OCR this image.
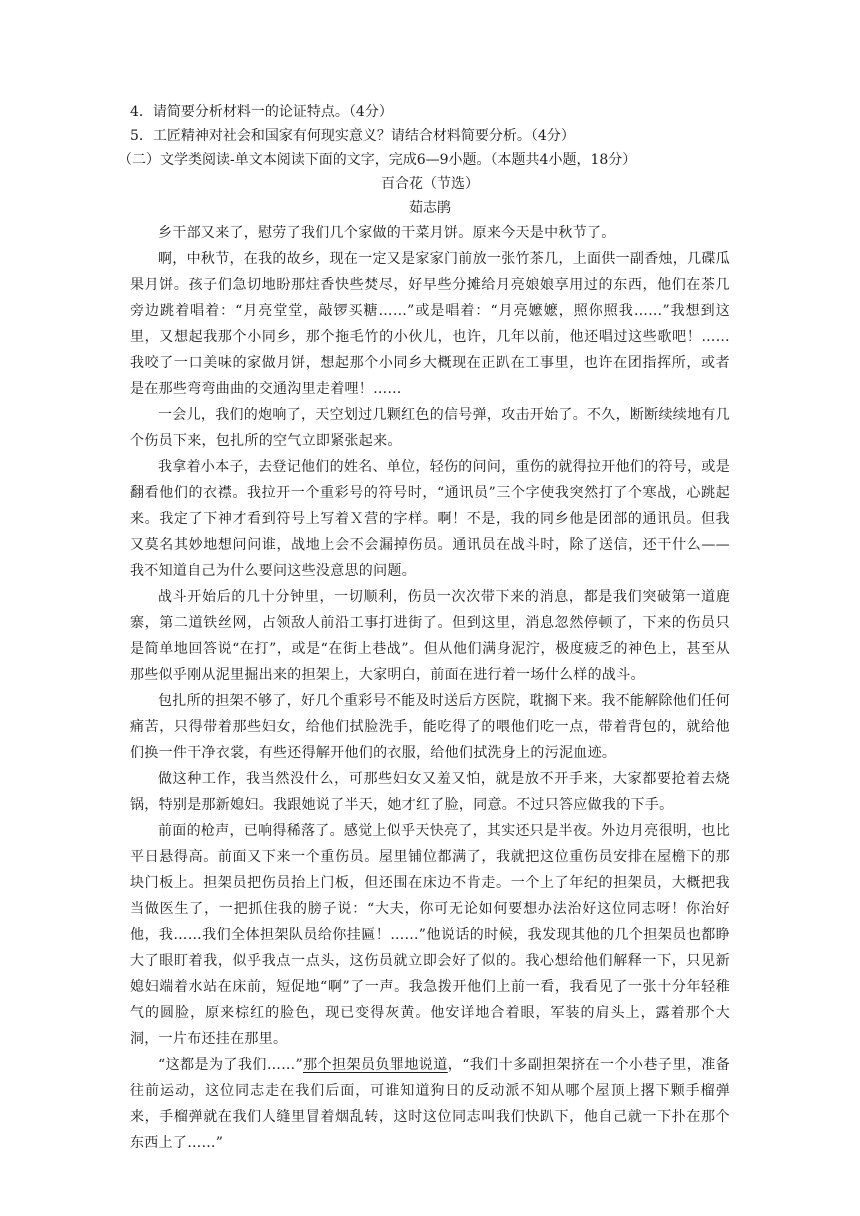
4．请简要分析材料一的论证特点。（4分）
5．工匠精神对社会和国家有何现实意义？请结合材料简要分析。（4分）
（二）文学类阅读-单文本阅读下面的文字，完成6—9小题。（本题共4小题，18分）
百合花（节选）
茹志鹃

乡干部又来了，慰劳了我们几个家做的干菜月饼。原来今天是中秋节了。

啊，中秋节，在我的故乡，现在一定又是家家门前放一张竹茶几，上面供一副香烛，几碟瓜果月饼。孩子们急切地盼那炷香快些焚尽，好早些分摊给月亮娘娘享用过的东西，他们在茶几旁边跳着唱着：“月亮堂堂，敲锣买糖……”或是唱着：“月亮嬷嬷，照你照我……”我想到这里，又想起我那个小同乡，那个拖毛竹的小伙儿，也许，几年以前，他还唱过这些歌吧！……我咬了一口美味的家做月饼，想起那个小同乡大概现在正趴在工事里，也许在团指挥所，或者是在那些弯弯曲曲的交通沟里走着哩！……

一会儿，我们的炮响了，天空划过几颗红色的信号弹，攻击开始了。不久，断断续续地有几个伤员下来，包扎所的空气立即紧张起来。

我拿着小本子，去登记他们的姓名、单位，轻伤的问问，重伤的就得拉开他们的符号，或是翻看他们的衣襟。我拉开一个重彩号的符号时，“通讯员”三个字使我突然打了个寒战，心跳起来。我定了下神才看到符号上写着Ｘ营的字样。啊！不是，我的同乡他是团部的通讯员。但我又莫名其妙地想问问谁，战地上会不会漏掉伤员。通讯员在战斗时，除了送信，还干什么——我不知道自己为什么要问这些没意思的问题。

战斗开始后的几十分钟里，一切顺利，伤员一次次带下来的消息，都是我们突破第一道鹿寨，第二道铁丝网，占领敌人前沿工事打进街了。但到这里，消息忽然停顿了，下来的伤员只是简单地回答说“在打”，或是“在街上巷战”。但从他们满身泥泞，极度疲乏的神色上，甚至从那些似乎刚从泥里掘出来的担架上，大家明白，前面在进行着一场什么样的战斗。

包扎所的担架不够了，好几个重彩号不能及时送后方医院，耽搁下来。我不能解除他们任何痛苦，只得带着那些妇女，给他们拭脸洗手，能吃得了的喂他们吃一点，带着背包的，就给他们换一件干净衣裳，有些还得解开他们的衣服，给他们拭洗身上的污泥血迹。

做这种工作，我当然没什么，可那些妇女又羞又怕，就是放不开手来，大家都要抢着去烧锅，特别是那新媳妇。我跟她说了半天，她才红了脸，同意。不过只答应做我的下手。

前面的枪声，已响得稀落了。感觉上似乎天快亮了，其实还只是半夜。外边月亮很明，也比平日悬得高。前面又下来一个重伤员。屋里铺位都满了，我就把这位重伤员安排在屋檐下的那块门板上。担架员把伤员抬上门板，但还围在床边不肯走。一个上了年纪的担架员，大概把我当做医生了，一把抓住我的膀子说：“大夫，你可无论如何要想办法治好这位同志呀！你治好他，我……我们全体担架队员给你挂匾！……”他说话的时候，我发现其他的几个担架员也都睁大了眼盯着我，似乎我点一点头，这伤员就立即会好了似的。我心想给他们解释一下，只见新媳妇端着水站在床前，短促地“啊”了一声。我急拨开他们上前一看，我看见了一张十分年轻稚气的圆脸，原来棕红的脸色，现已变得灰黄。他安详地合着眼，军装的肩头上，露着那个大洞，一片布还挂在那里。

“这都是为了我们……”那个担架员负罪地说道，“我们十多副担架挤在一个小巷子里，准备往前运动，这位同志走在我们后面，可谁知道狗日的反动派不知从哪个屋顶上撂下颗手榴弹来，手榴弹就在我们人缝里冒着烟乱转，这时这位同志叫我们快趴下，他自己就一下扑在那个东西上了……”
